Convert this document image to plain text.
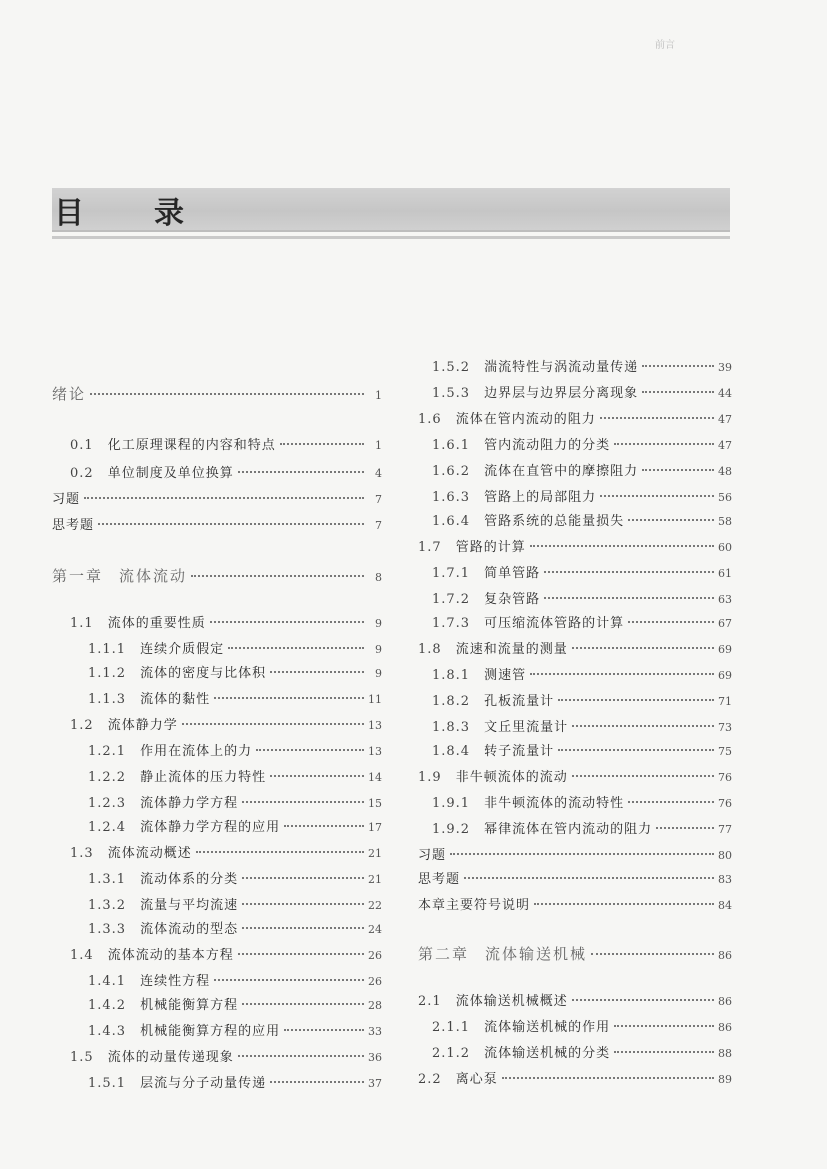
前言
目录
绪论	1
0.1 化工原理课程的内容和特点	1
0.2 单位制度及单位换算	4
习题	7
思考题	7
第一章 流体流动	8
1.1 流体的重要性质	9
1.1.1 连续介质假定	9
1.1.2 流体的密度与比体积	9
1.1.3 流体的黏性	11
1.2 流体静力学	13
1.2.1 作用在流体上的力	13
1.2.2 静止流体的压力特性	14
1.2.3 流体静力学方程	15
1.2.4 流体静力学方程的应用	17
1.3 流体流动概述	21
1.3.1 流动体系的分类	21
1.3.2 流量与平均流速	22
1.3.3 流体流动的型态	24
1.4 流体流动的基本方程	26
1.4.1 连续性方程	26
1.4.2 机械能衡算方程	28
1.4.3 机械能衡算方程的应用	33
1.5 流体的动量传递现象	36
1.5.1 层流与分子动量传递	37
1.5.2 湍流特性与涡流动量传递	39
1.5.3 边界层与边界层分离现象	44
1.6 流体在管内流动的阻力	47
1.6.1 管内流动阻力的分类	47
1.6.2 流体在直管中的摩擦阻力	48
1.6.3 管路上的局部阻力	56
1.6.4 管路系统的总能量损失	58
1.7 管路的计算	60
1.7.1 简单管路	61
1.7.2 复杂管路	63
1.7.3 可压缩流体管路的计算	67
1.8 流速和流量的测量	69
1.8.1 测速管	69
1.8.2 孔板流量计	71
1.8.3 文丘里流量计	73
1.8.4 转子流量计	75
1.9 非牛顿流体的流动	76
1.9.1 非牛顿流体的流动特性	76
1.9.2 幂律流体在管内流动的阻力	77
习题	80
思考题	83
本章主要符号说明	84
第二章 流体输送机械	86
2.1 流体输送机械概述	86
2.1.1 流体输送机械的作用	86
2.1.2 流体输送机械的分类	88
2.2 离心泵	89
